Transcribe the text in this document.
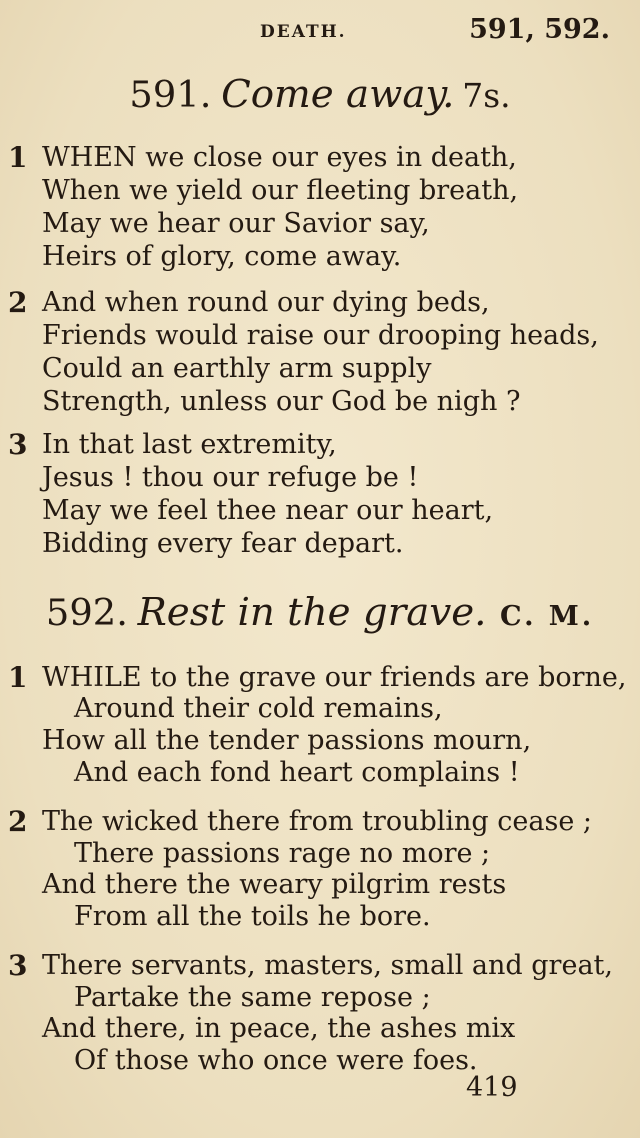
DEATH.	591, 592.
591. Come away. 7s.
1 WHEN we close our eyes in death,
When we yield our fleeting breath,
May we hear our Savior say,
Heirs of glory, come away.
2 And when round our dying beds,
Friends would raise our drooping heads,
Could an earthly arm supply
Strength, unless our God be nigh ?
3 In that last extremity,
Jesus ! thou our refuge be !
May we feel thee near our heart,
Bidding every fear depart.
592. Rest in the grave. C. M.
1 WHILE to the grave our friends are borne,
Around their cold remains,
How all the tender passions mourn,
And each fond heart complains !
2 The wicked there from troubling cease ;
There passions rage no more ;
And there the weary pilgrim rests
From all the toils he bore.
3 There servants, masters, small and great,
Partake the same repose ;
And there, in peace, the ashes mix
Of those who once were foes.
419
